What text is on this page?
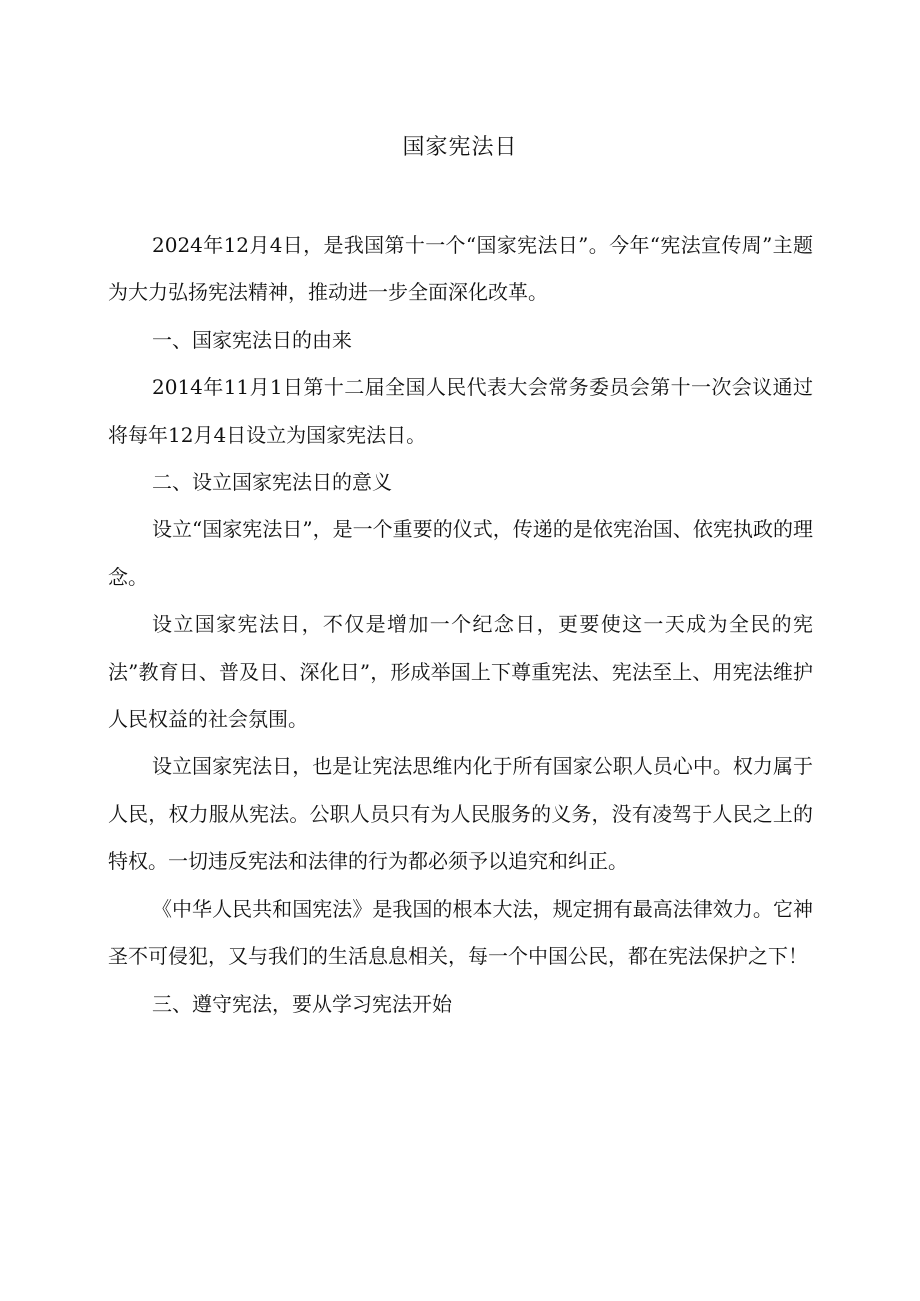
国家宪法日

2024年12月4日，是我国第十一个“国家宪法日”。今年“宪法宣传周”主题为大力弘扬宪法精神，推动进一步全面深化改革。

一、国家宪法日的由来

2014年11月1日第十二届全国人民代表大会常务委员会第十一次会议通过将每年12月4日设立为国家宪法日。

二、设立国家宪法日的意义

设立“国家宪法日”，是一个重要的仪式，传递的是依宪治国、依宪执政的理念。

设立国家宪法日，不仅是增加一个纪念日，更要使这一天成为全民的宪法”教育日、普及日、深化日”，形成举国上下尊重宪法、宪法至上、用宪法维护人民权益的社会氛围。

设立国家宪法日，也是让宪法思维内化于所有国家公职人员心中。权力属于人民，权力服从宪法。公职人员只有为人民服务的义务，没有凌驾于人民之上的特权。一切违反宪法和法律的行为都必须予以追究和纠正。

《中华人民共和国宪法》是我国的根本大法，规定拥有最高法律效力。它神圣不可侵犯，又与我们的生活息息相关，每一个中国公民，都在宪法保护之下！

三、遵守宪法，要从学习宪法开始
